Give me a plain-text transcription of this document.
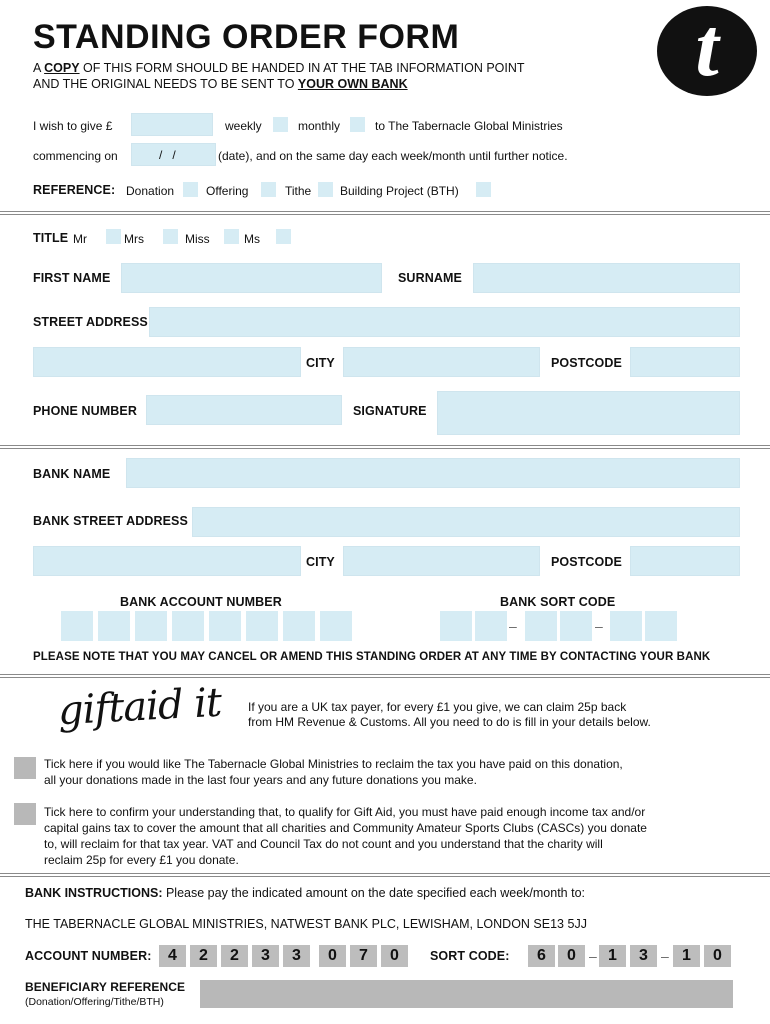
STANDING ORDER FORM
A COPY OF THIS FORM SHOULD BE HANDED IN AT THE TAB INFORMATION POINT
AND THE ORIGINAL NEEDS TO BE SENT TO YOUR OWN BANK	t
I wish to give £	weekly	monthly	to The Tabernacle Global Ministries
commencing on	/   /	(date), and on the same day each week/month until further notice.
REFERENCE: Donation	Offering	Tithe Building Project (BTH)
TITLE Mr	Mrs	Miss	Ms
FIRST NAME	SURNAME
STREET ADDRESS
CITY	POSTCODE
PHONE NUMBER	SIGNATURE
BANK NAME
BANK STREET ADDRESS
CITY	POSTCODE
BANK ACCOUNT NUMBER	BANK SORT CODE
–	–
PLEASE NOTE THAT YOU MAY CANCEL OR AMEND THIS STANDING ORDER AT ANY TIME BY CONTACTING YOUR BANK
giftaid it If you are a UK tax payer, for every £1 you give, we can claim 25p back
from HM Revenue & Customs. All you need to do is fill in your details below.
Tick here if you would like The Tabernacle Global Ministries to reclaim the tax you have paid on this donation,
all your donations made in the last four years and any future donations you make.
Tick here to confirm your understanding that, to qualify for Gift Aid, you must have paid enough income tax and/or
capital gains tax to cover the amount that all charities and Community Amateur Sports Clubs (CASCs) you donate
to, will reclaim for that tax year. VAT and Council Tax do not count and you understand that the charity will
reclaim 25p for every £1 you donate.
BANK INSTRUCTIONS: Please pay the indicated amount on the date specified each week/month to:
THE TABERNACLE GLOBAL MINISTRIES, NATWEST BANK PLC, LEWISHAM, LONDON SE13 5JJ
ACCOUNT NUMBER:	4	2	2	3	3	0	7	0	SORT CODE:	6	0 – 1	3 – 1	0
BENEFICIARY REFERENCE
(Donation/Offering/Tithe/BTH)
